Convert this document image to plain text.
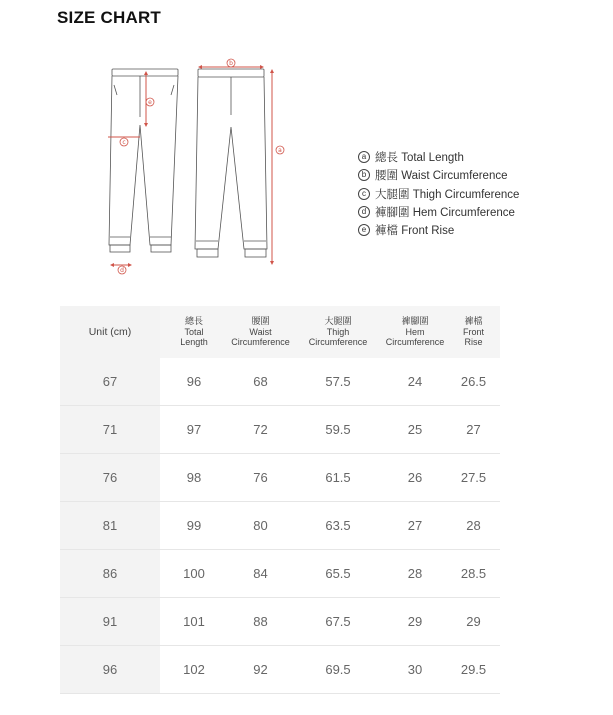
SIZE CHART
b
a
c
d
e
a 總長 Total Length
b 腰圍 Waist Circumference
c 大腿圍 Thigh Circumference
d 褲腳圍 Hem Circumference
e 褲檔 Front Rise
Unit (cm)	總長
Total
Length	腰圍
Waist
Circumference	大腿圍
Thigh
Circumference	褲腳圍
Hem
Circumference	褲檔
Front
Rise

67	96	68	57.5	24	26.5
71	97	72	59.5	25	27
76	98	76	61.5	26	27.5
81	99	80	63.5	27	28
86	100	84	65.5	28	28.5
91	101	88	67.5	29	29
96	102	92	69.5	30	29.5
